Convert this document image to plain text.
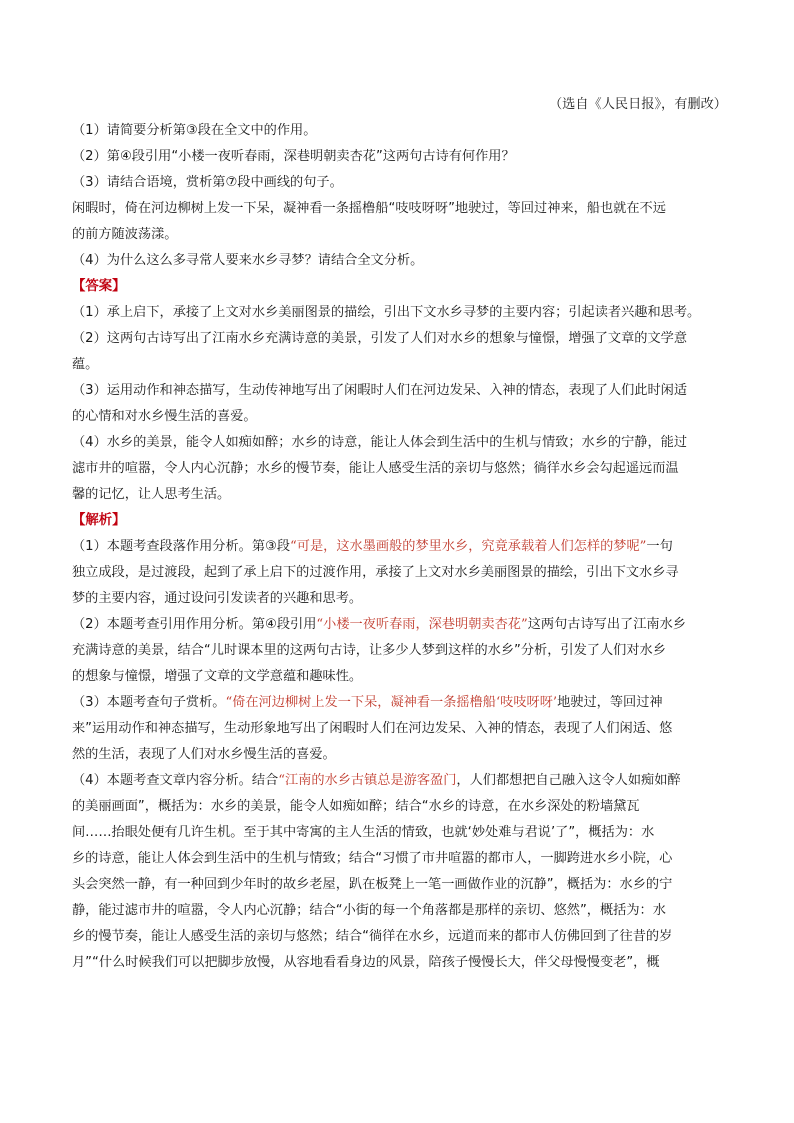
（选自《人民日报》，有删改）

（1）请简要分析第③段在全文中的作用。

（2）第④段引用“小楼一夜听春雨，深巷明朝卖杏花”这两句古诗有何作用？

（3）请结合语境，赏析第⑦段中画线的句子。

闲暇时，倚在河边柳树上发一下呆，凝神看一条摇橹船“吱吱呀呀”地驶过，等回过神来，船也就在不远

的前方随波荡漾。

（4）为什么这么多寻常人要来水乡寻梦？请结合全文分析。

【答案】

（1）承上启下，承接了上文对水乡美丽图景的描绘，引出下文水乡寻梦的主要内容；引起读者兴趣和思考。

（2）这两句古诗写出了江南水乡充满诗意的美景，引发了人们对水乡的想象与憧憬，增强了文章的文学意

蕴。

（3）运用动作和神态描写，生动传神地写出了闲暇时人们在河边发呆、入神的情态，表现了人们此时闲适

的心情和对水乡慢生活的喜爱。

（4）水乡的美景，能令人如痴如醉；水乡的诗意，能让人体会到生活中的生机与情致；水乡的宁静，能过

滤市井的喧嚣，令人内心沉静；水乡的慢节奏，能让人感受生活的亲切与悠然；徜徉水乡会勾起遥远而温

馨的记忆，让人思考生活。

【解析】

（1）本题考查段落作用分析。第③段“可是，这水墨画般的梦里水乡，究竟承载着人们怎样的梦呢”一句

独立成段，是过渡段，起到了承上启下的过渡作用，承接了上文对水乡美丽图景的描绘，引出下文水乡寻

梦的主要内容，通过设问引发读者的兴趣和思考。

（2）本题考查引用作用分析。第④段引用“小楼一夜听春雨，深巷明朝卖杏花”这两句古诗写出了江南水乡

充满诗意的美景，结合“儿时课本里的这两句古诗，让多少人梦到这样的水乡”分析，引发了人们对水乡

的想象与憧憬，增强了文章的文学意蕴和趣味性。

（3）本题考查句子赏析。“倚在河边柳树上发一下呆，凝神看一条摇橹船‘吱吱呀呀’地驶过，等回过神

来”运用动作和神态描写，生动形象地写出了闲暇时人们在河边发呆、入神的情态，表现了人们闲适、悠

然的生活，表现了人们对水乡慢生活的喜爱。

（4）本题考查文章内容分析。结合“江南的水乡古镇总是游客盈门，人们都想把自己融入这令人如痴如醉

的美丽画面”，概括为：水乡的美景，能令人如痴如醉；结合“水乡的诗意，在水乡深处的粉墙黛瓦

间……抬眼处便有几许生机。至于其中寄寓的主人生活的情致，也就‘妙处难与君说’了”，概括为：水

乡的诗意，能让人体会到生活中的生机与情致；结合“习惯了市井喧嚣的都市人，一脚跨进水乡小院，心

头会突然一静，有一种回到少年时的故乡老屋，趴在板凳上一笔一画做作业的沉静”，概括为：水乡的宁

静，能过滤市井的喧嚣，令人内心沉静；结合“小街的每一个角落都是那样的亲切、悠然”，概括为：水

乡的慢节奏，能让人感受生活的亲切与悠然；结合“徜徉在水乡，远道而来的都市人仿佛回到了往昔的岁

月”“什么时候我们可以把脚步放慢，从容地看看身边的风景，陪孩子慢慢长大，伴父母慢慢变老”，概
